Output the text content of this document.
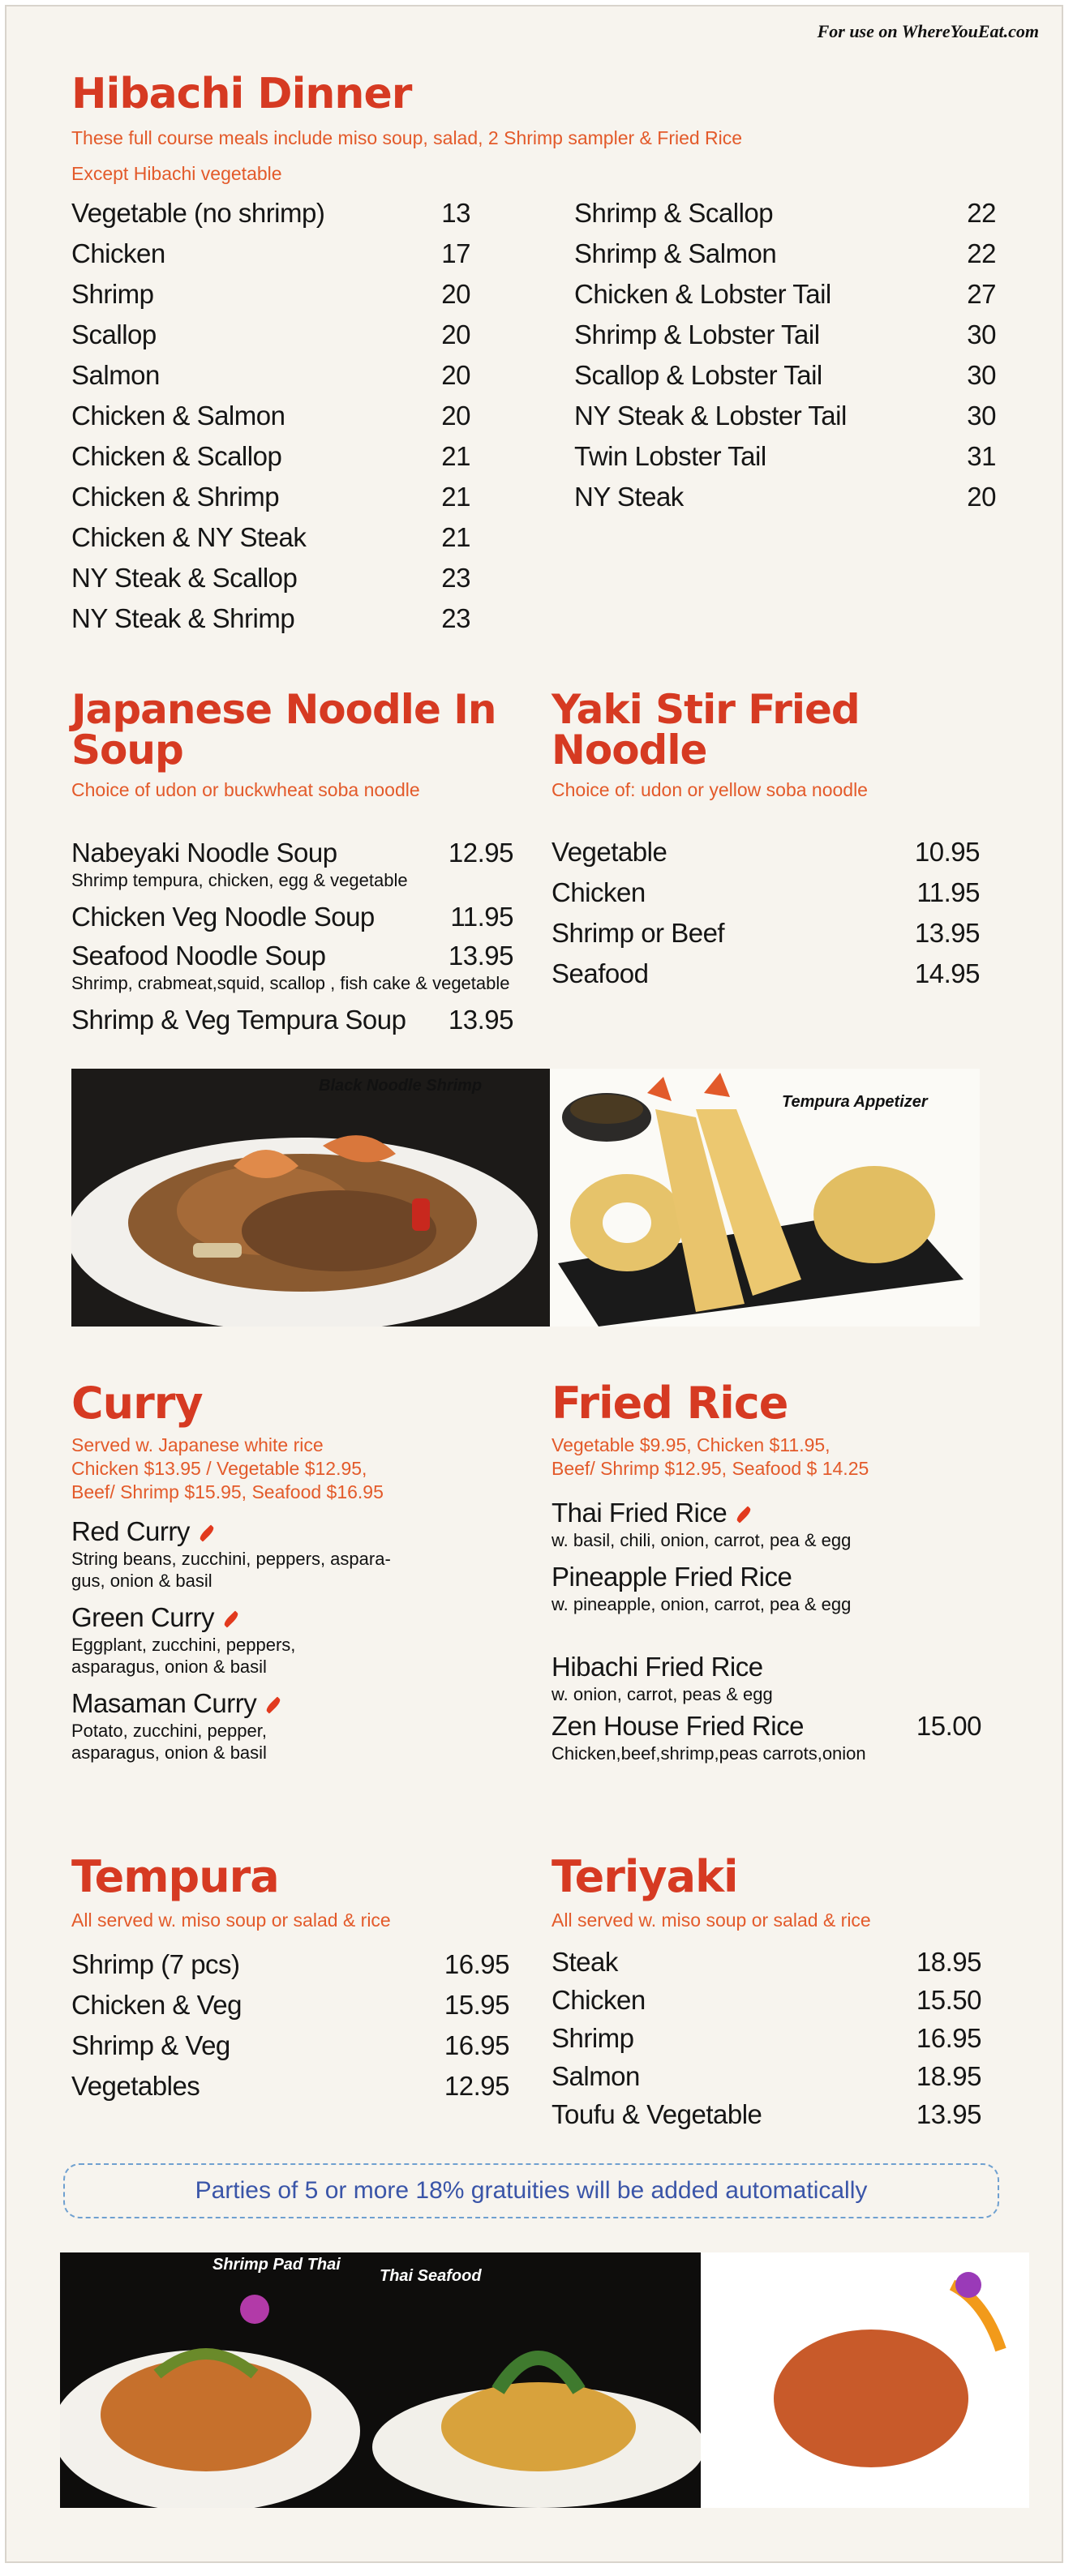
For use on WhereYouEat.com
Hibachi Dinner
These full course meals include miso soup, salad, 2 Shrimp sampler & Fried Rice
Except Hibachi vegetable
Vegetable (no shrimp)	13
Chicken	17
Shrimp	20
Scallop	20
Salmon	20
Chicken & Salmon	20
Chicken & Scallop	21
Chicken & Shrimp	21
Chicken & NY Steak	21
NY Steak & Scallop	23
NY Steak & Shrimp	23
Shrimp & Scallop	22
Shrimp & Salmon	22
Chicken & Lobster Tail	27
Shrimp & Lobster Tail	30
Scallop & Lobster Tail	30
NY Steak & Lobster Tail	30
Twin Lobster Tail	31
NY Steak	20
Japanese Noodle In Soup
Choice of udon or buckwheat soba noodle
Nabeyaki Noodle Soup	12.95
Shrimp tempura, chicken, egg & vegetable
Chicken Veg Noodle Soup	11.95
Seafood Noodle Soup	13.95
Shrimp, crabmeat,squid, scallop , fish cake & vegetable
Shrimp & Veg Tempura Soup 13.95
Yaki Stir Fried Noodle
Choice of: udon or yellow soba noodle
Vegetable	10.95
Chicken	11.95
Shrimp or Beef	13.95
Seafood	14.95
Black Noodle Shrimp
Tempura Appetizer
Curry
Served w. Japanese white rice
Chicken $13.95 / Vegetable $12.95,
Beef/ Shrimp $15.95, Seafood $16.95
Red Curry
String beans, zucchini, peppers, aspara-
gus, onion & basil
Green Curry
Eggplant, zucchini, peppers,
asparagus, onion & basil
Masaman Curry
Potato, zucchini, pepper,
asparagus, onion & basil
Fried Rice
Vegetable $9.95, Chicken $11.95,
Beef/ Shrimp $12.95, Seafood $ 14.25
Thai Fried Rice
w. basil, chili, onion, carrot, pea & egg
Pineapple Fried Rice
w. pineapple, onion, carrot, pea & egg
Hibachi Fried Rice
w. onion, carrot, peas & egg
Zen House Fried Rice	15.00
Chicken,beef,shrimp,peas carrots,onion
Tempura
All served w. miso soup or salad & rice
Shrimp (7 pcs)	16.95
Chicken & Veg	15.95
Shrimp & Veg	16.95
Vegetables	12.95
Teriyaki
All served w. miso soup or salad & rice
Steak	18.95
Chicken	15.50
Shrimp	16.95
Salmon	18.95
Toufu & Vegetable	13.95
Parties of 5 or more 18% gratuities will be added automatically
Shrimp Pad Thai
Thai Seafood	Shrimp Teriyaki
